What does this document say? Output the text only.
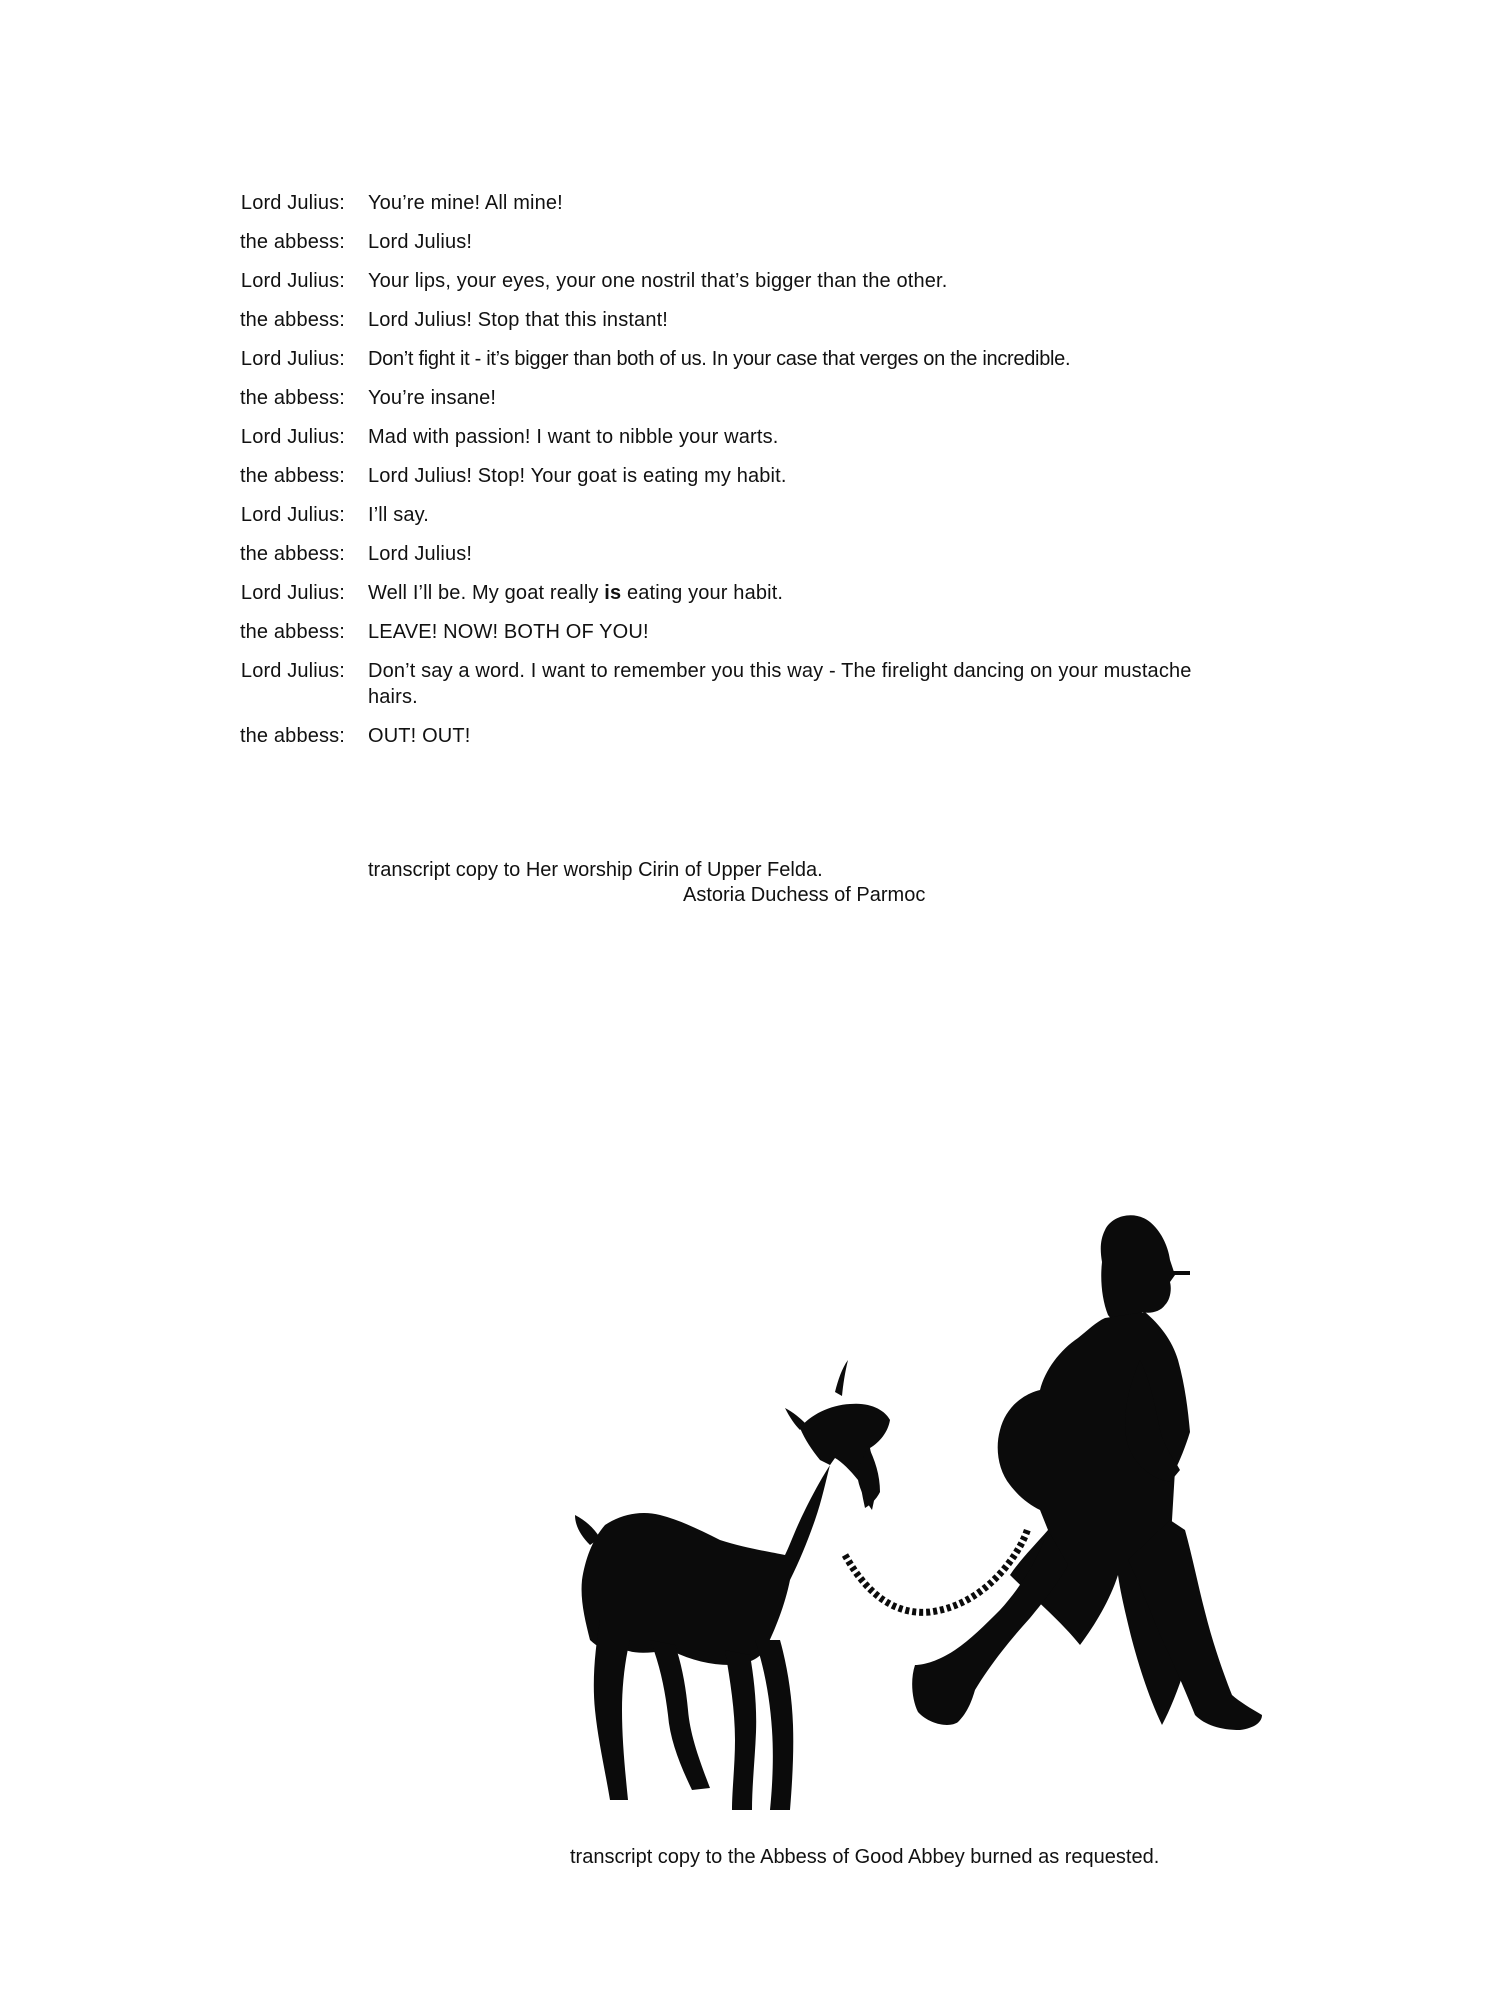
Lord Julius: You’re mine! All mine!
the abbess: Lord Julius!
Lord Julius: Your lips, your eyes, your one nostril that’s bigger than the other.
the abbess: Lord Julius! Stop that this instant!
Lord Julius: Don’t fight it - it’s bigger than both of us. In your case that verges on the incredible.
the abbess: You’re insane!
Lord Julius: Mad with passion! I want to nibble your warts.
the abbess: Lord Julius! Stop! Your goat is eating my habit.
Lord Julius: I’ll say.
the abbess: Lord Julius!
Lord Julius: Well I’ll be. My goat really is eating your habit.
the abbess: LEAVE! NOW! BOTH OF YOU!
Lord Julius: Don’t say a word. I want to remember you this way - The firelight dancing on your mustache hairs.
the abbess: OUT! OUT!
transcript copy to Her worship Cirin of Upper Felda.
Astoria Duchess of Parmoc
transcript copy to the Abbess of Good Abbey burned as requested.
